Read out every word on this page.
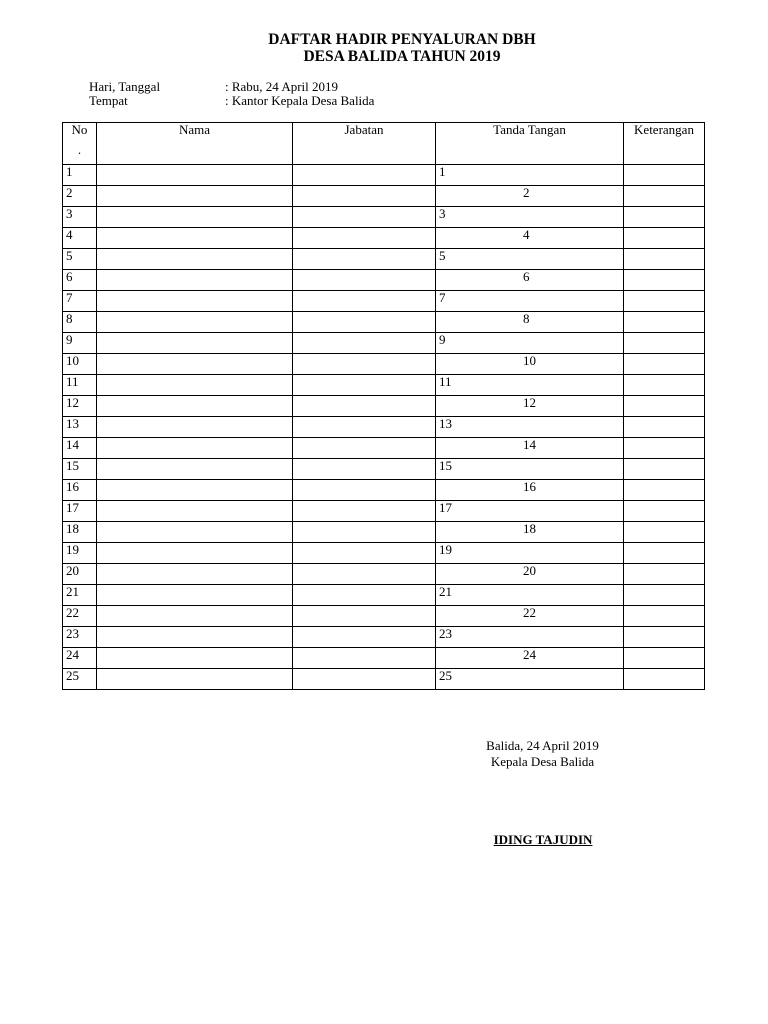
DAFTAR HADIR PENYALURAN DBH
DESA BALIDA TAHUN 2019
Hari, Tanggal	: Rabu, 24 April 2019
Tempat	: Kantor Kepala Desa Balida
No
.	Nama	Jabatan	Tanda Tangan	Keterangan
1			1	
2			2	
3			3	
4			4	
5			5	
6			6	
7			7	
8			8	
9			9	
10			10	
11			11	
12			12	
13			13	
14			14	
15			15	
16			16	
17			17	
18			18	
19			19	
20			20	
21			21	
22			22	
23			23	
24			24	
25			25	
Balida, 24 April 2019
Kepala Desa Balida
IDING TAJUDIN
